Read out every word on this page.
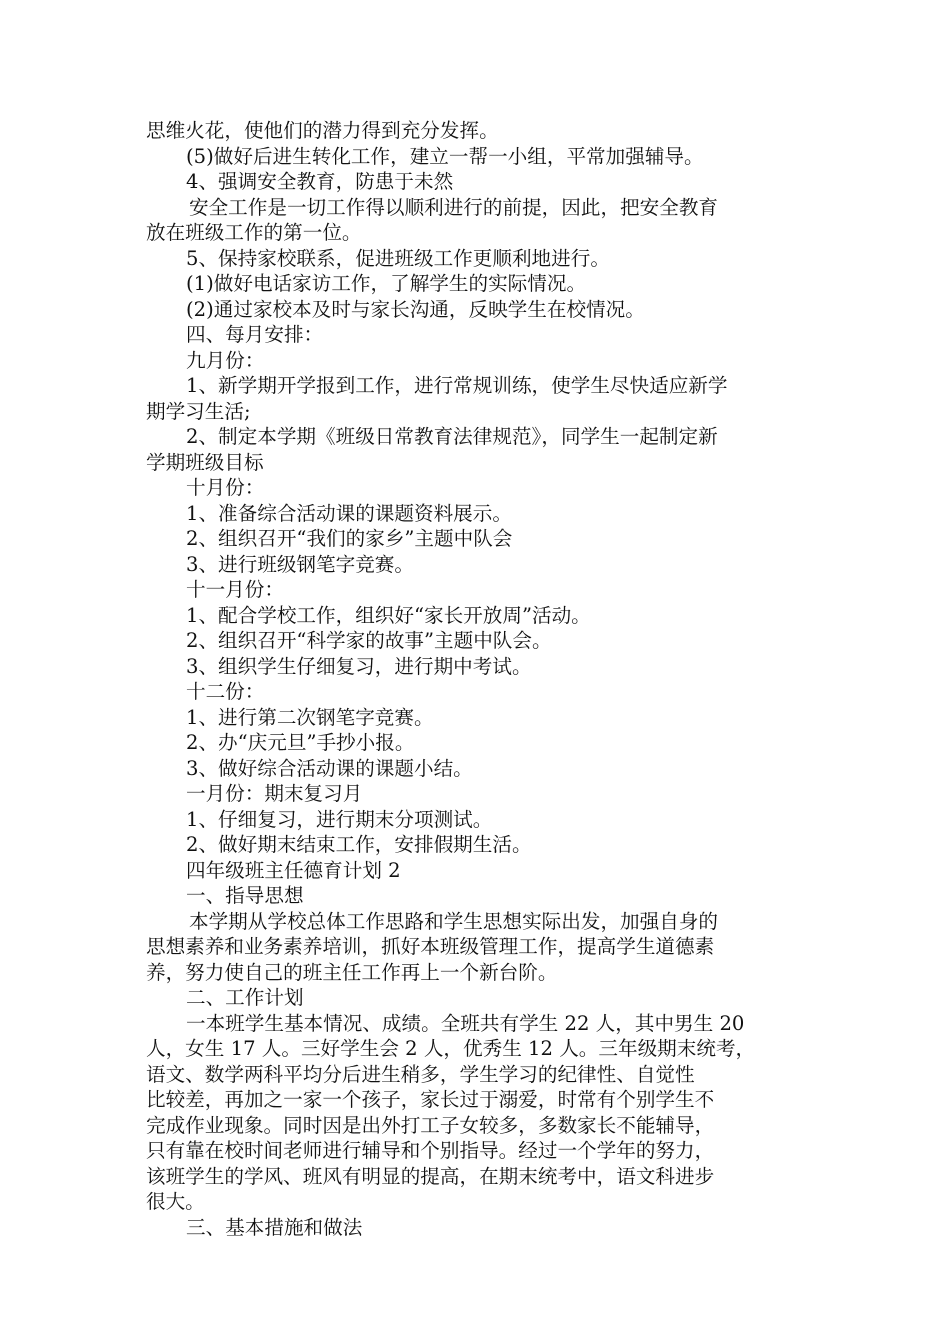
思维火花，使他们的潜力得到充分发挥。
(5)做好后进生转化工作，建立一帮一小组，平常加强辅导。
4、强调安全教育，防患于未然
安全工作是一切工作得以顺利进行的前提，因此，把安全教育
放在班级工作的第一位。
5、保持家校联系，促进班级工作更顺利地进行。
(1)做好电话家访工作，了解学生的实际情况。
(2)通过家校本及时与家长沟通，反映学生在校情况。
四、每月安排：
九月份：
1、新学期开学报到工作，进行常规训练，使学生尽快适应新学
期学习生活;
2、制定本学期《班级日常教育法律规范》，同学生一起制定新
学期班级目标
十月份：
1、准备综合活动课的课题资料展示。
2、组织召开“我们的家乡”主题中队会
3、进行班级钢笔字竞赛。
十一月份：
1、配合学校工作，组织好“家长开放周”活动。
2、组织召开“科学家的故事”主题中队会。
3、组织学生仔细复习，进行期中考试。
十二份：
1、进行第二次钢笔字竞赛。
2、办“庆元旦”手抄小报。
3、做好综合活动课的课题小结。
一月份：期末复习月
1、仔细复习，进行期末分项测试。
2、做好期末结束工作，安排假期生活。
四年级班主任德育计划 2
一、指导思想
本学期从学校总体工作思路和学生思想实际出发，加强自身的
思想素养和业务素养培训，抓好本班级管理工作，提高学生道德素
养，努力使自己的班主任工作再上一个新台阶。
二、工作计划
一本班学生基本情况、成绩。全班共有学生 22 人，其中男生 20
人，女生 17 人。三好学生会 2 人，优秀生 12 人。三年级期末统考，
语文、数学两科平均分后进生稍多，学生学习的纪律性、自觉性
比较差，再加之一家一个孩子，家长过于溺爱，时常有个别学生不
完成作业现象。同时因是出外打工子女较多，多数家长不能辅导，
只有靠在校时间老师进行辅导和个别指导。经过一个学年的努力，
该班学生的学风、班风有明显的提高，在期末统考中，语文科进步
很大。
三、基本措施和做法
